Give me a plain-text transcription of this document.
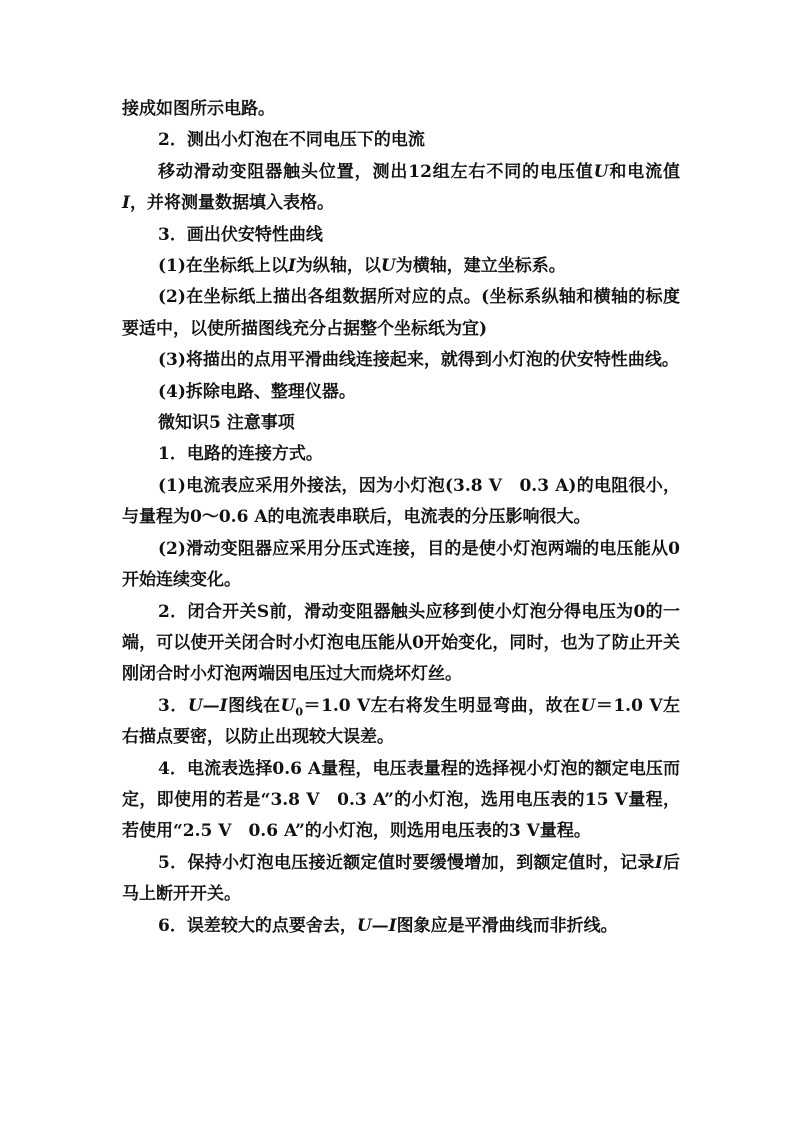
接成如图所示电路。

2．测出小灯泡在不同电压下的电流

移动滑动变阻器触头位置，测出12组左右不同的电压值U和电流值I，并将测量数据填入表格。

3．画出伏安特性曲线

(1)在坐标纸上以I为纵轴，以U为横轴，建立坐标系。

(2)在坐标纸上描出各组数据所对应的点。(坐标系纵轴和横轴的标度要适中，以使所描图线充分占据整个坐标纸为宜)

(3)将描出的点用平滑曲线连接起来，就得到小灯泡的伏安特性曲线。

(4)拆除电路、整理仪器。

微知识5 注意事项

1．电路的连接方式。

(1)电流表应采用外接法，因为小灯泡(3.8 V　0.3 A)的电阻很小，与量程为0～0.6 A的电流表串联后，电流表的分压影响很大。

(2)滑动变阻器应采用分压式连接，目的是使小灯泡两端的电压能从0开始连续变化。

2．闭合开关S前，滑动变阻器触头应移到使小灯泡分得电压为0的一端，可以使开关闭合时小灯泡电压能从0开始变化，同时，也为了防止开关刚闭合时小灯泡两端因电压过大而烧坏灯丝。

3．U—I图线在$U_0=1.0$ V左右将发生明显弯曲，故在U＝1.0 V左右描点要密，以防止出现较大误差。

4．电流表选择0.6 A量程，电压表量程的选择视小灯泡的额定电压而定，即使用的若是“3.8 V　0.3 A”的小灯泡，选用电压表的15 V量程，若使用“2.5 V　0.6 A”的小灯泡，则选用电压表的3 V量程。

5．保持小灯泡电压接近额定值时要缓慢增加，到额定值时，记录I后马上断开开关。

6．误差较大的点要舍去，U—I图象应是平滑曲线而非折线。
